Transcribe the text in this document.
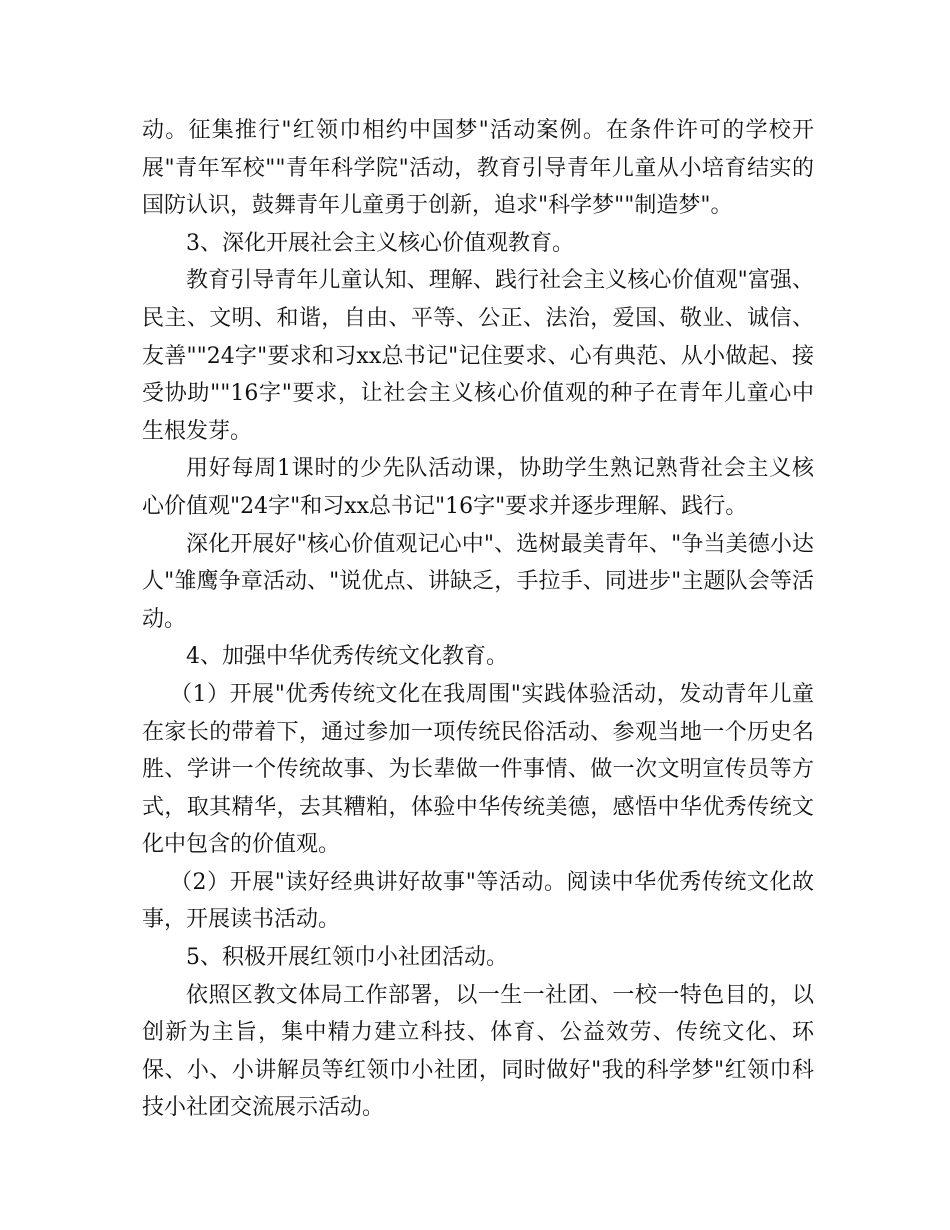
动。征集推行"红领巾相约中国梦"活动案例。在条件许可的学校开展"青年军校""青年科学院"活动，教育引导青年儿童从小培育结实的国防认识，鼓舞青年儿童勇于创新，追求"科学梦""制造梦"。

3、深化开展社会主义核心价值观教育。

教育引导青年儿童认知、理解、践行社会主义核心价值观"富强、民主、文明、和谐，自由、平等、公正、法治，爱国、敬业、诚信、友善""24字"要求和习xx总书记"记住要求、心有典范、从小做起、接受协助""16字"要求，让社会主义核心价值观的种子在青年儿童心中生根发芽。

用好每周1课时的少先队活动课，协助学生熟记熟背社会主义核心价值观"24字"和习xx总书记"16字"要求并逐步理解、践行。

深化开展好"核心价值观记心中"、选树最美青年、"争当美德小达人"雏鹰争章活动、"说优点、讲缺乏，手拉手、同进步"主题队会等活动。

4、加强中华优秀传统文化教育。

（1）开展"优秀传统文化在我周围"实践体验活动，发动青年儿童在家长的带着下，通过参加一项传统民俗活动、参观当地一个历史名胜、学讲一个传统故事、为长辈做一件事情、做一次文明宣传员等方式，取其精华，去其糟粕，体验中华传统美德，感悟中华优秀传统文化中包含的价值观。

（2）开展"读好经典讲好故事"等活动。阅读中华优秀传统文化故事，开展读书活动。

5、积极开展红领巾小社团活动。

依照区教文体局工作部署，以一生一社团、一校一特色目的，以创新为主旨，集中精力建立科技、体育、公益效劳、传统文化、环保、小、小讲解员等红领巾小社团，同时做好"我的科学梦"红领巾科技小社团交流展示活动。
